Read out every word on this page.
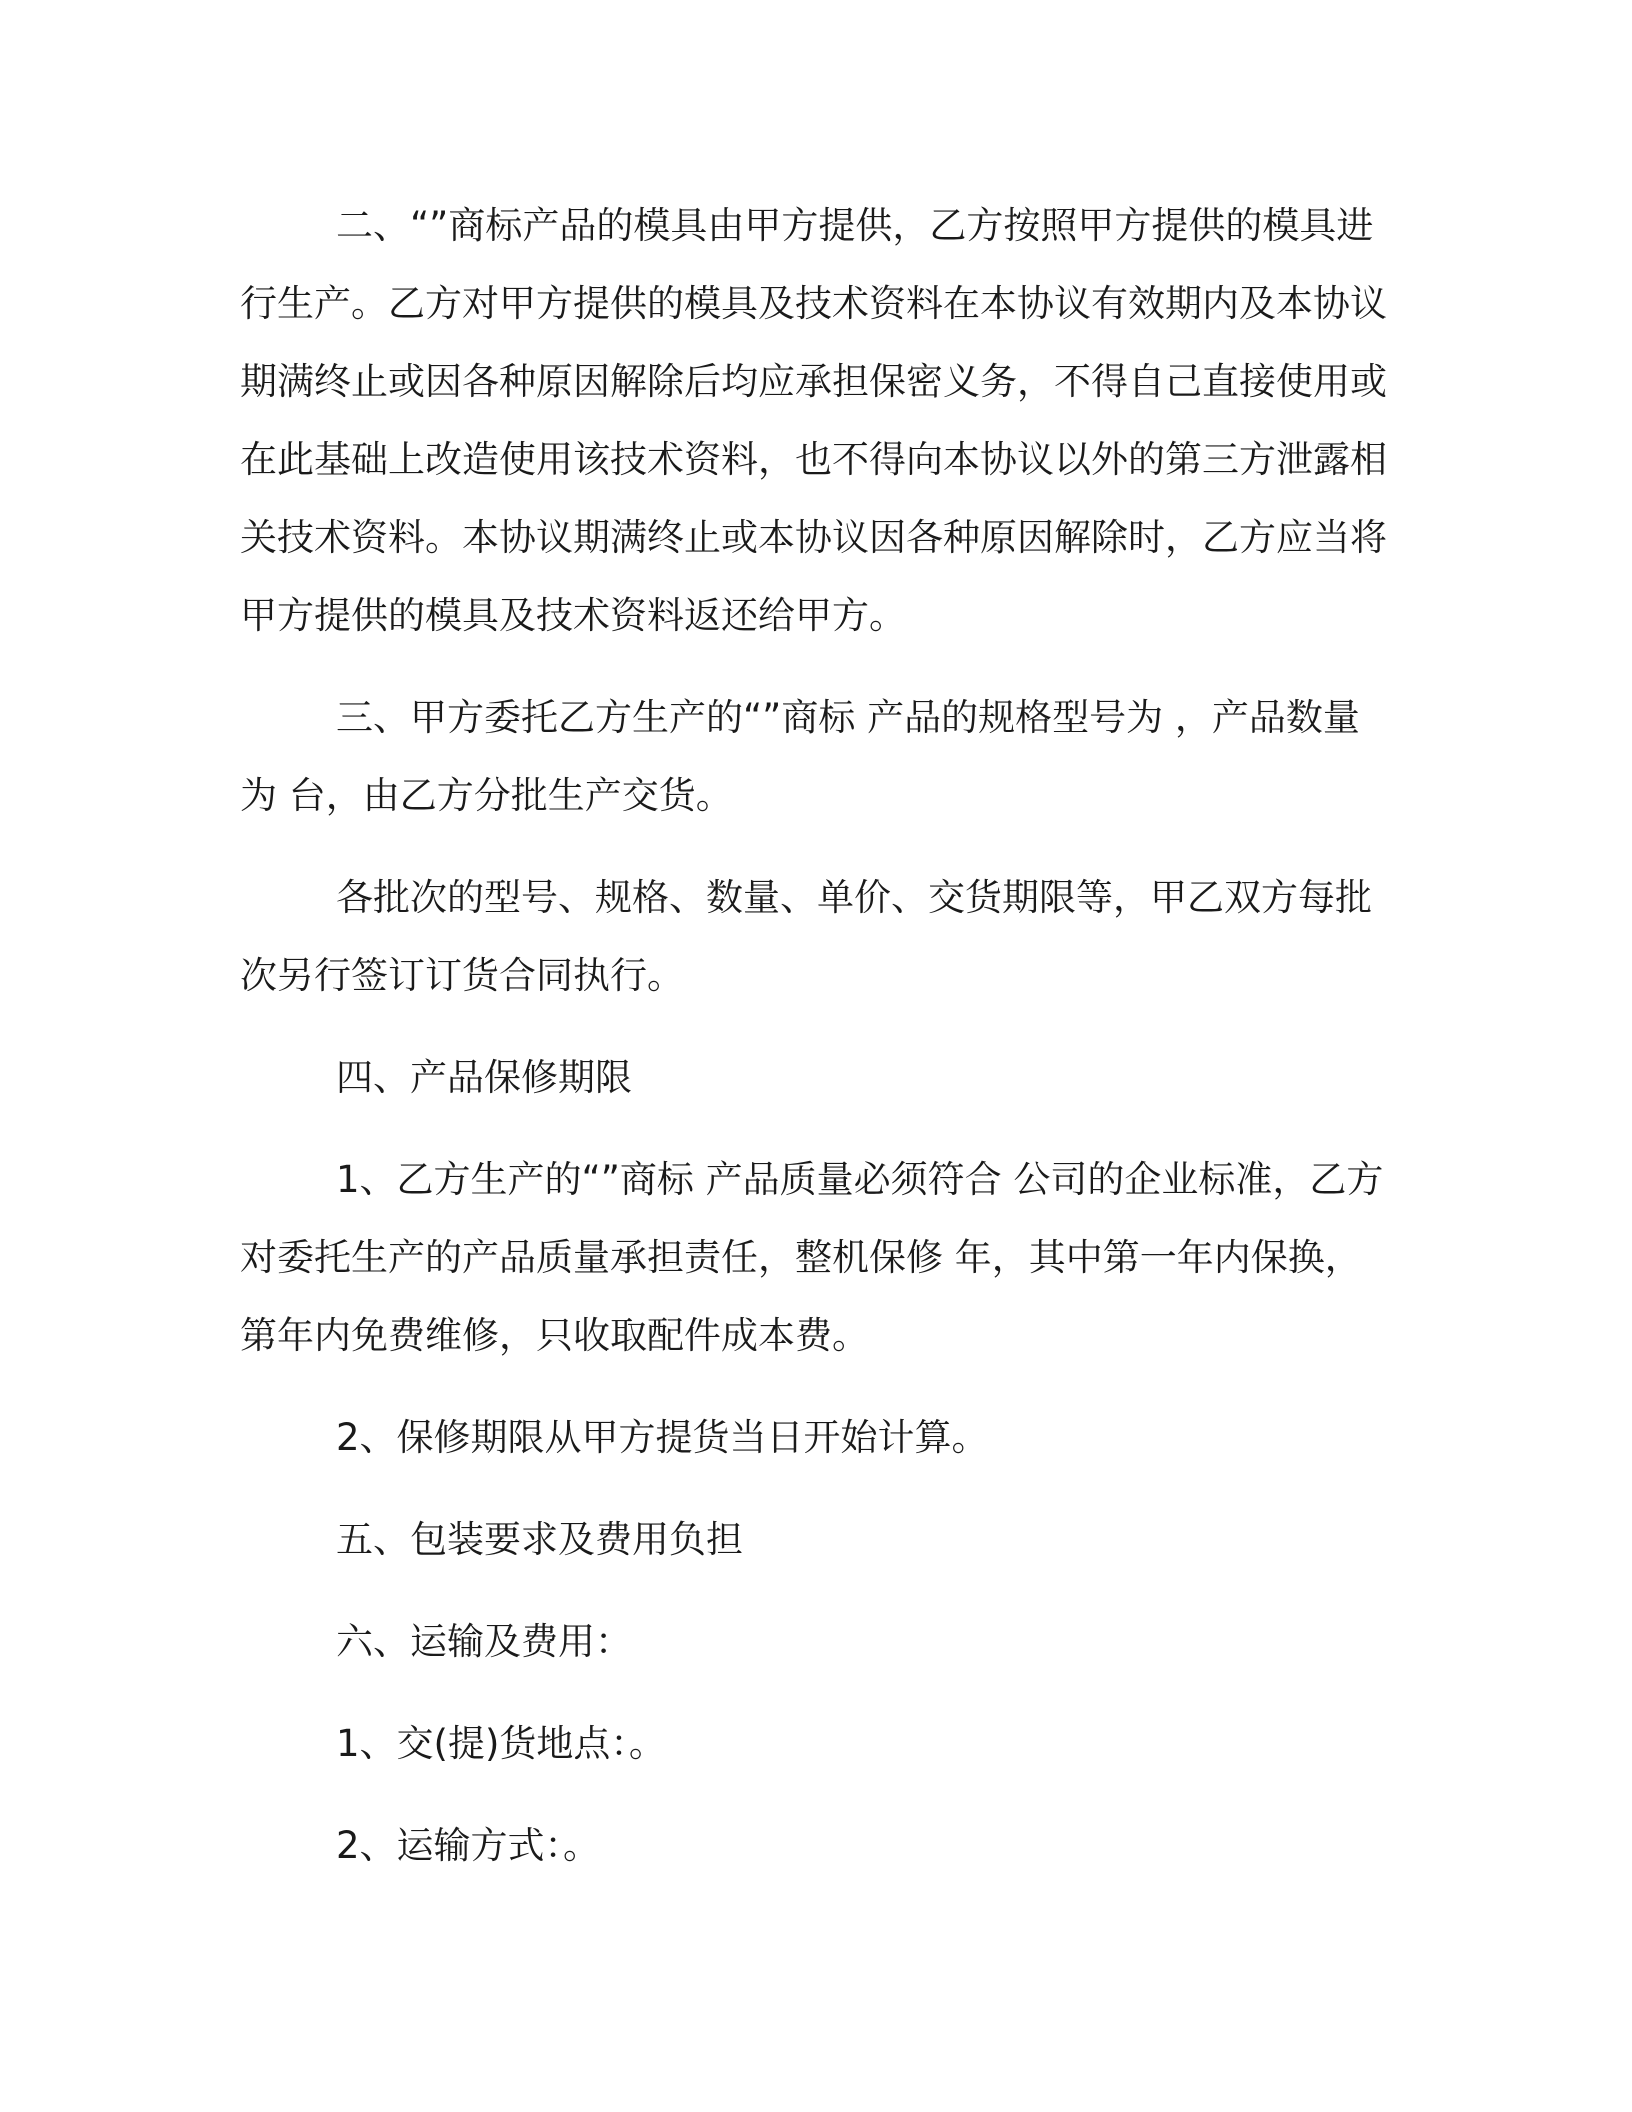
二、“”商标产品的模具由甲方提供，乙方按照甲方提供的模具进行生产。乙方对甲方提供的模具及技术资料在本协议有效期内及本协议期满终止或因各种原因解除后均应承担保密义务，不得自己直接使用或在此基础上改造使用该技术资料，也不得向本协议以外的第三方泄露相关技术资料。本协议期满终止或本协议因各种原因解除时，乙方应当将甲方提供的模具及技术资料返还给甲方。

三、甲方委托乙方生产的“”商标 产品的规格型号为 ，产品数量为 台，由乙方分批生产交货。

各批次的型号、规格、数量、单价、交货期限等，甲乙双方每批次另行签订订货合同执行。

四、产品保修期限

1、乙方生产的“”商标 产品质量必须符合 公司的企业标准，乙方对委托生产的产品质量承担责任，整机保修 年，其中第一年内保换，第年内免费维修，只收取配件成本费。

2、保修期限从甲方提货当日开始计算。

五、包装要求及费用负担

六、运输及费用：

1、交(提)货地点：。

2、运输方式：。
